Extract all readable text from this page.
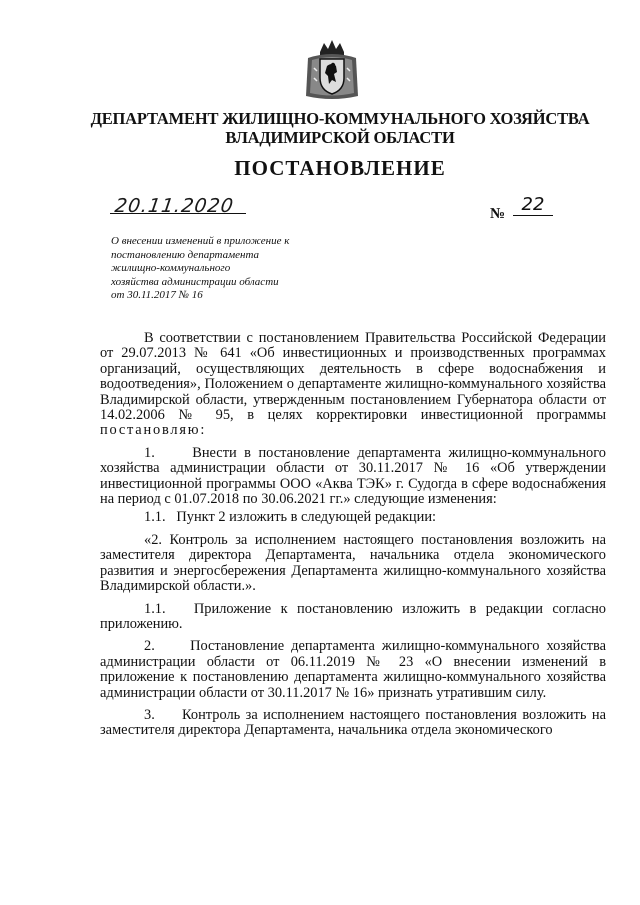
ДЕПАРТАМЕНТ ЖИЛИЩНО-КОММУНАЛЬНОГО ХОЗЯЙСТВА
ВЛАДИМИРСКОЙ ОБЛАСТИ
ПОСТАНОВЛЕНИЕ
20.11.2020	№ 22
О внесении изменений в приложение к
постановлению департамента
жилищно-коммунального
хозяйства администрации области
от 30.11.2017 № 16

В соответствии с постановлением Правительства Российской Федерации от 29.07.2013 № 641 «Об инвестиционных и производственных программах организаций, осуществляющих деятельность в сфере водоснабжения и водоотведения», Положением о департаменте жилищно-коммунального хозяйства Владимирской области, утвержденным постановлением Губернатора области от 14.02.2006 № 95, в целях корректировки инвестиционной программы постановляю:

1.     Внести в постановление департамента жилищно-коммунального хозяйства администрации области от 30.11.2017 № 16 «Об утверждении инвестиционной программы ООО «Аква ТЭК» г. Судогда в сфере водоснабжения на период с 01.07.2018 по 30.06.2021 гг.» следующие изменения:

1.1.   Пункт 2 изложить в следующей редакции:

«2. Контроль за исполнением настоящего постановления возложить на заместителя директора Департамента, начальника отдела экономического развития и энергосбережения Департамента жилищно-коммунального хозяйства Владимирской области.».

1.1.   Приложение к постановлению изложить в редакции согласно приложению.

2.     Постановление департамента жилищно-коммунального хозяйства администрации области от 06.11.2019 № 23 «О внесении изменений в приложение к постановлению департамента жилищно-коммунального хозяйства администрации области от 30.11.2017 № 16» признать утратившим силу.

3.     Контроль за исполнением настоящего постановления возложить на заместителя директора Департамента, начальника отдела экономического
